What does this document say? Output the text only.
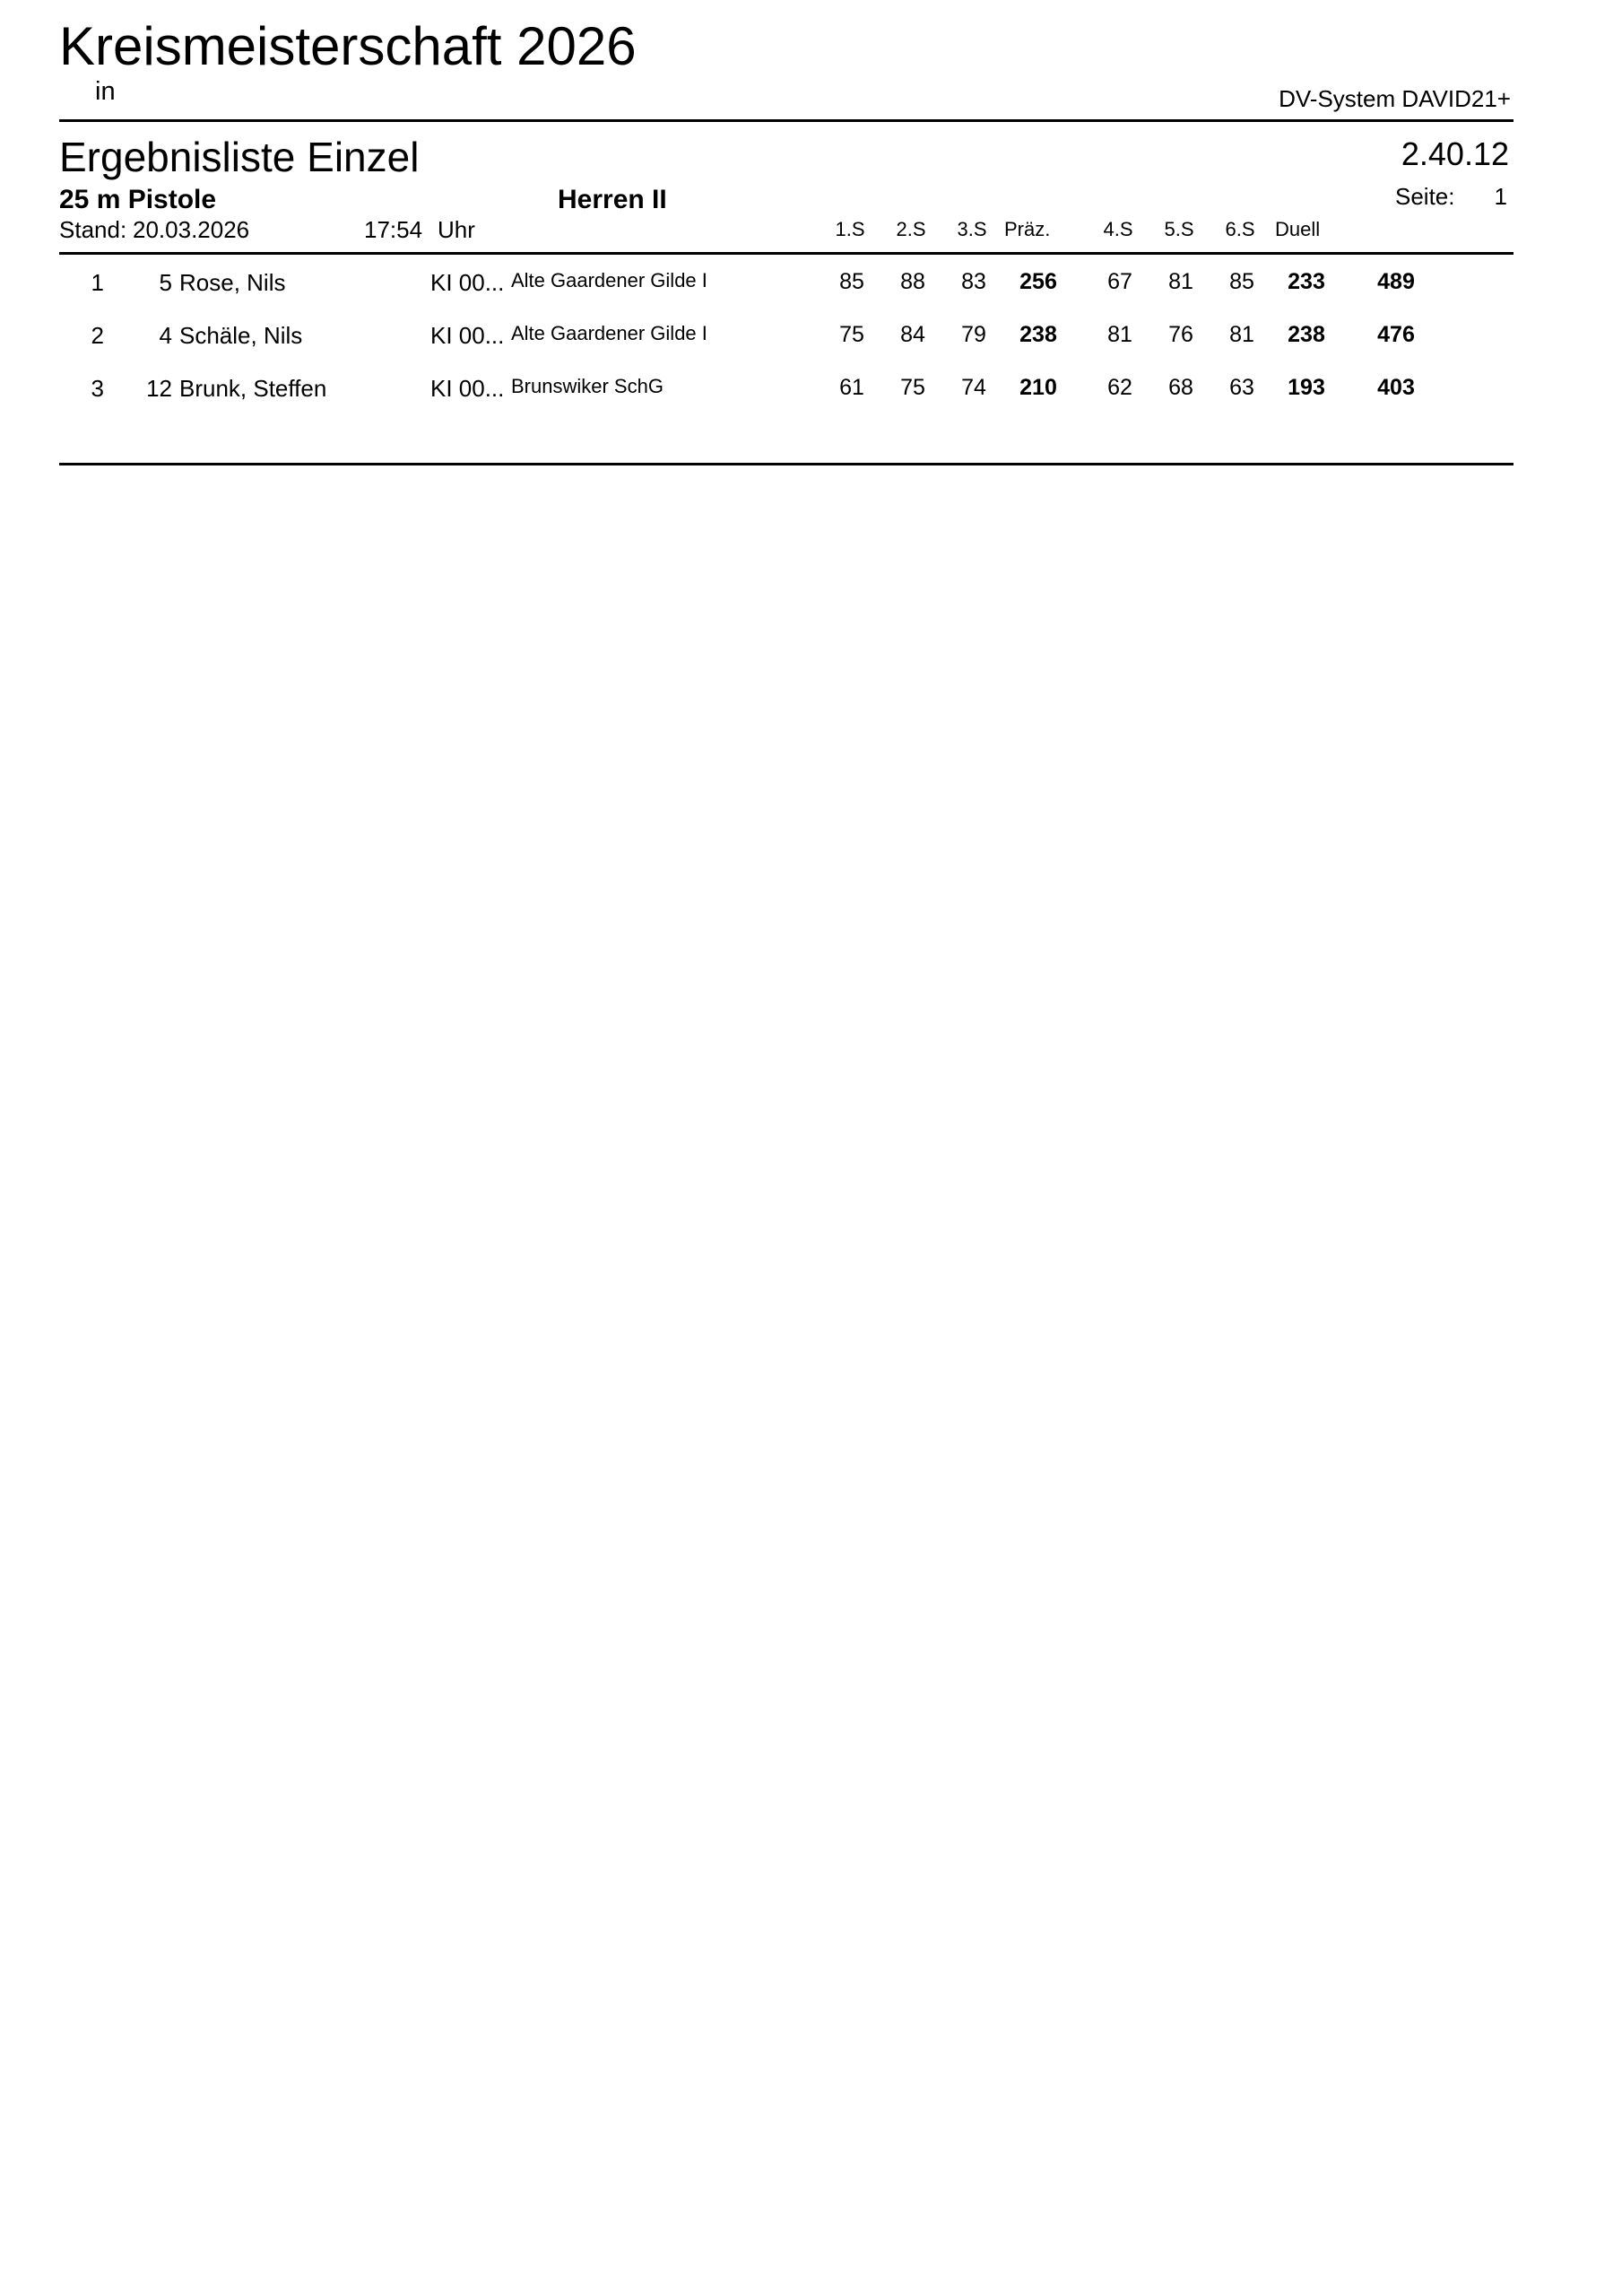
Kreismeisterschaft 2026
in	DV-System DAVID21+
Ergebnisliste Einzel	2.40.12
25 m Pistole	Herren II	Seite: 1
Stand: 20.03.2026	17:54 Uhr	1.S	2.S	3.S Präz.	4.S	5.S	6.S	Duell
1	5 Rose, Nils	KI 00... Alte Gaardener Gilde I	85 88 83	256	67 81 85	233	489
2	4 Schäle, Nils	KI 00... Alte Gaardener Gilde I	75 84 79	238	81 76 81	238	476
3	12 Brunk, Steffen	KI 00... Brunswiker SchG	61 75 74	210	62 68 63	193	403
